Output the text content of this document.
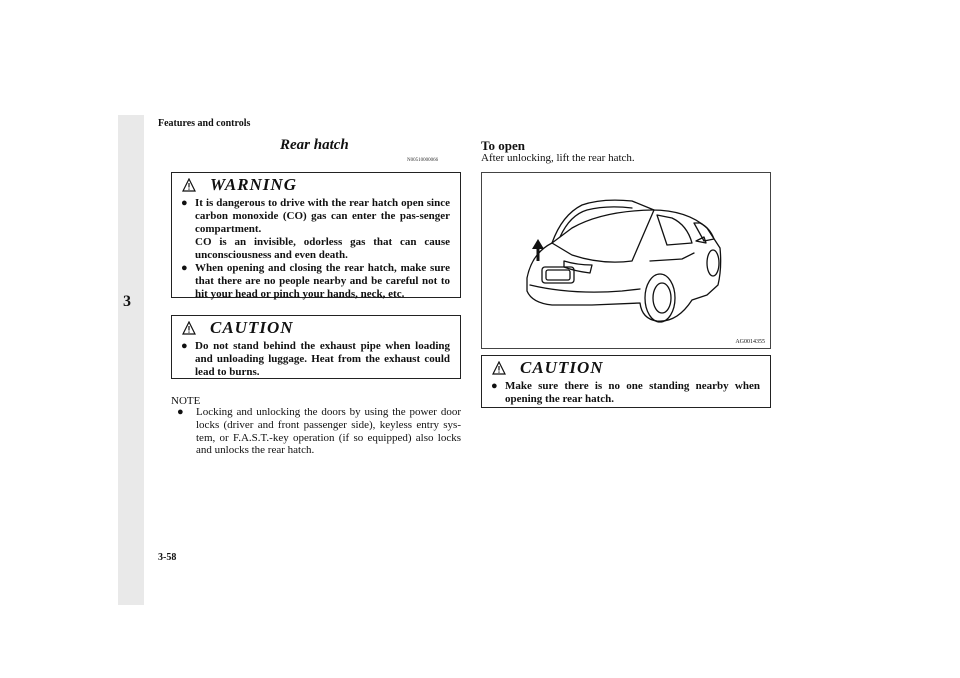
Features and controls
3
Rear hatch
N00510000066
WARNING
● It is dangerous to drive with the rear hatch open since carbon monoxide (CO) gas can enter the pas-senger compartment.
CO is an invisible, odorless gas that can cause unconsciousness and even death.
● When opening and closing the rear hatch, make sure that there are no people nearby and be careful not to hit your head or pinch your hands, neck, etc.
CAUTION
● Do not stand behind the exhaust pipe when loading and unloading luggage. Heat from the exhaust could lead to burns.
NOTE
● Locking and unlocking the doors by using the power door locks (driver and front passenger side), keyless entry sys-tem, or F.A.S.T.-key operation (if so equipped) also locks and unlocks the rear hatch.
To open
After unlocking, lift the rear hatch.
AG0014355
CAUTION
● Make sure there is no one standing nearby when opening the rear hatch.
3-58
